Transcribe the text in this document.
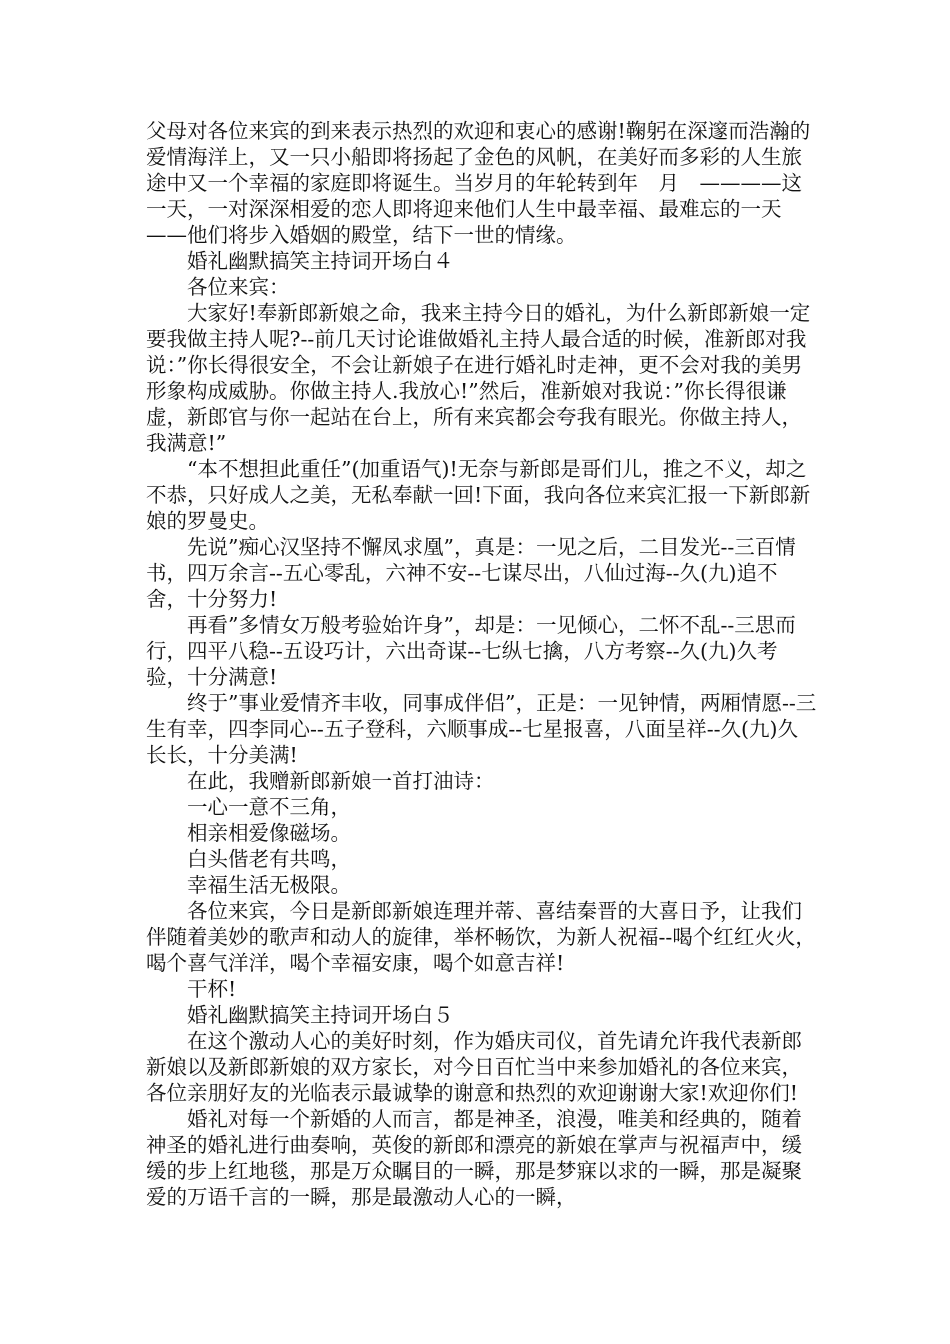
父母对各位来宾的到来表示热烈的欢迎和衷心的感谢!鞠躬在深邃而浩瀚的爱情海洋上，又一只小船即将扬起了金色的风帆，在美好而多彩的人生旅途中又一个幸福的家庭即将诞生。当岁月的年轮转到年　月　————这一天，一对深深相爱的恋人即将迎来他们人生中最幸福、最难忘的一天——他们将步入婚姻的殿堂，结下一世的情缘。

婚礼幽默搞笑主持词开场白４

各位来宾：

大家好!奉新郎新娘之命，我来主持今日的婚礼，为什么新郎新娘一定要我做主持人呢?--前几天讨论谁做婚礼主持人最合适的时候，准新郎对我说：”你长得很安全，不会让新娘子在进行婚礼时走神，更不会对我的美男形象构成威胁。你做主持人.我放心!”然后，准新娘对我说：”你长得很谦虚，新郎官与你一起站在台上，所有来宾都会夸我有眼光。你做主持人，我满意!”

“本不想担此重任”(加重语气)!无奈与新郎是哥们儿，推之不义，却之不恭，只好成人之美，无私奉献一回!下面，我向各位来宾汇报一下新郎新娘的罗曼史。

先说”痴心汉坚持不懈凤求凰”，真是：一见之后，二目发光--三百情书，四万余言--五心零乱，六神不安--七谋尽出，八仙过海--久(九)追不舍，十分努力!

再看”多情女万般考验始许身”，却是：一见倾心，二怀不乱--三思而行，四平八稳--五设巧计，六出奇谋--七纵七擒，八方考察--久(九)久考验，十分满意!

终于”事业爱情齐丰收，同事成伴侣”，正是：一见钟情，两厢情愿--三生有幸，四李同心--五子登科，六顺事成--七星报喜，八面呈祥--久(九)久长长，十分美满!

在此，我赠新郎新娘一首打油诗：

一心一意不三角，

相亲相爱像磁场。

白头偕老有共鸣，

幸福生活无极限。

各位来宾，今日是新郎新娘连理并蒂、喜结秦晋的大喜日予，让我们伴随着美妙的歌声和动人的旋律，举杯畅饮，为新人祝福--喝个红红火火，喝个喜气洋洋，喝个幸福安康，喝个如意吉祥!

干杯!

婚礼幽默搞笑主持词开场白５

在这个激动人心的美好时刻，作为婚庆司仪，首先请允许我代表新郎新娘以及新郎新娘的双方家长，对今日百忙当中来参加婚礼的各位来宾，各位亲朋好友的光临表示最诚挚的谢意和热烈的欢迎谢谢大家!欢迎你们!

婚礼对每一个新婚的人而言，都是神圣，浪漫，唯美和经典的，随着神圣的婚礼进行曲奏响，英俊的新郎和漂亮的新娘在掌声与祝福声中，缓缓的步上红地毯，那是万众瞩目的一瞬，那是梦寐以求的一瞬，那是凝聚爱的万语千言的一瞬，那是最激动人心的一瞬，
